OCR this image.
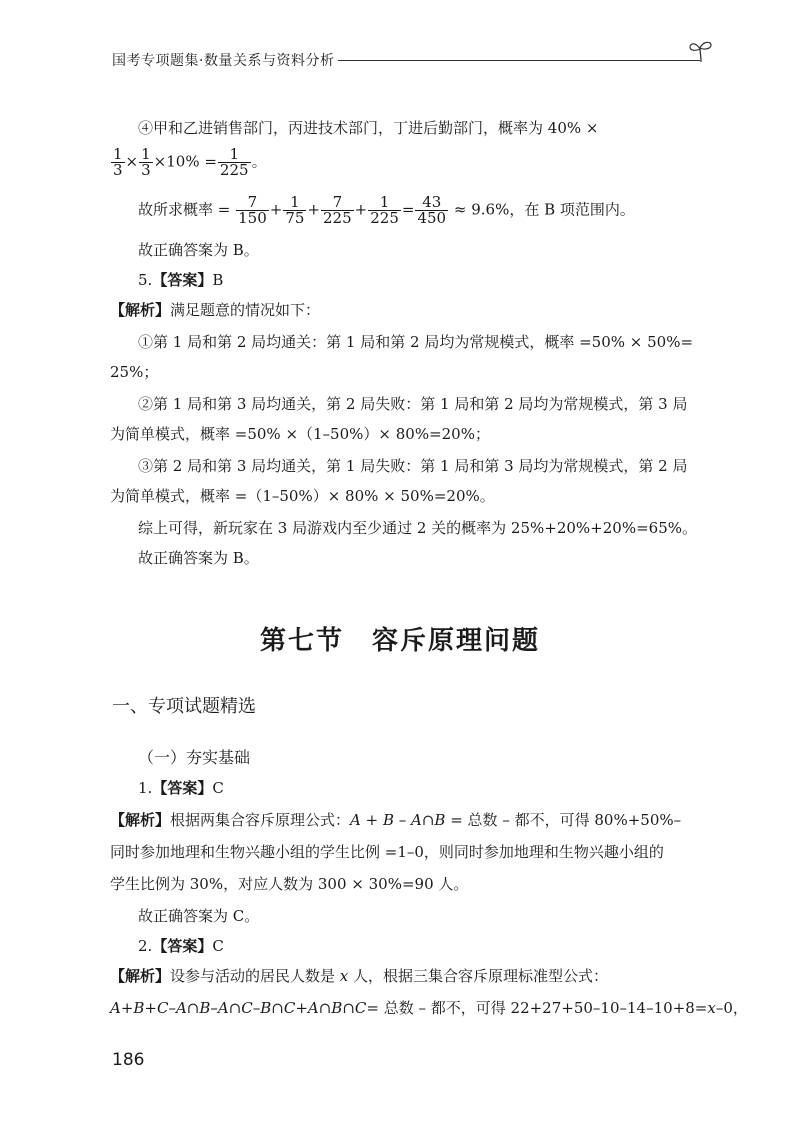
国考专项题集·数量关系与资料分析
④甲和乙进销售部门，丙进技术部门，丁进后勤部门，概率为 40% ×
$\frac{1}{3} \times \frac{1}{3} \times 10\% = \frac{1}{225}$ 。
故所求概率 = $\frac{7}{150} + \frac{1}{75} + \frac{7}{225} + \frac{1}{225} = \frac{43}{450} \approx 9.6\%$，在 B 项范围内。
故正确答案为 B。
5.【答案】B
【解析】满足题意的情况如下：
①第 1 局和第 2 局均通关：第 1 局和第 2 局均为常规模式，概率 =50% × 50%=
25%；
②第 1 局和第 3 局均通关，第 2 局失败：第 1 局和第 2 局均为常规模式，第 3 局
为简单模式，概率 =50% ×（1–50%）× 80%=20%；
③第 2 局和第 3 局均通关，第 1 局失败：第 1 局和第 3 局均为常规模式，第 2 局
为简单模式，概率 =（1–50%）× 80% × 50%=20%。
综上可得，新玩家在 3 局游戏内至少通过 2 关的概率为 25%+20%+20%=65%。
故正确答案为 B。
第七节　容斥原理问题
一、专项试题精选
（一）夯实基础
1.【答案】C
【解析】根据两集合容斥原理公式：A + B – A∩B = 总数 – 都不，可得 80%+50%–
同时参加地理和生物兴趣小组的学生比例 =1–0，则同时参加地理和生物兴趣小组的
学生比例为 30%，对应人数为 300 × 30%=90 人。
故正确答案为 C。
2.【答案】C
【解析】设参与活动的居民人数是 x 人，根据三集合容斥原理标准型公式：
A+B+C–A∩B–A∩C–B∩C+A∩B∩C= 总数 – 都不，可得 22+27+50–10–14–10+8=x–0，
186
